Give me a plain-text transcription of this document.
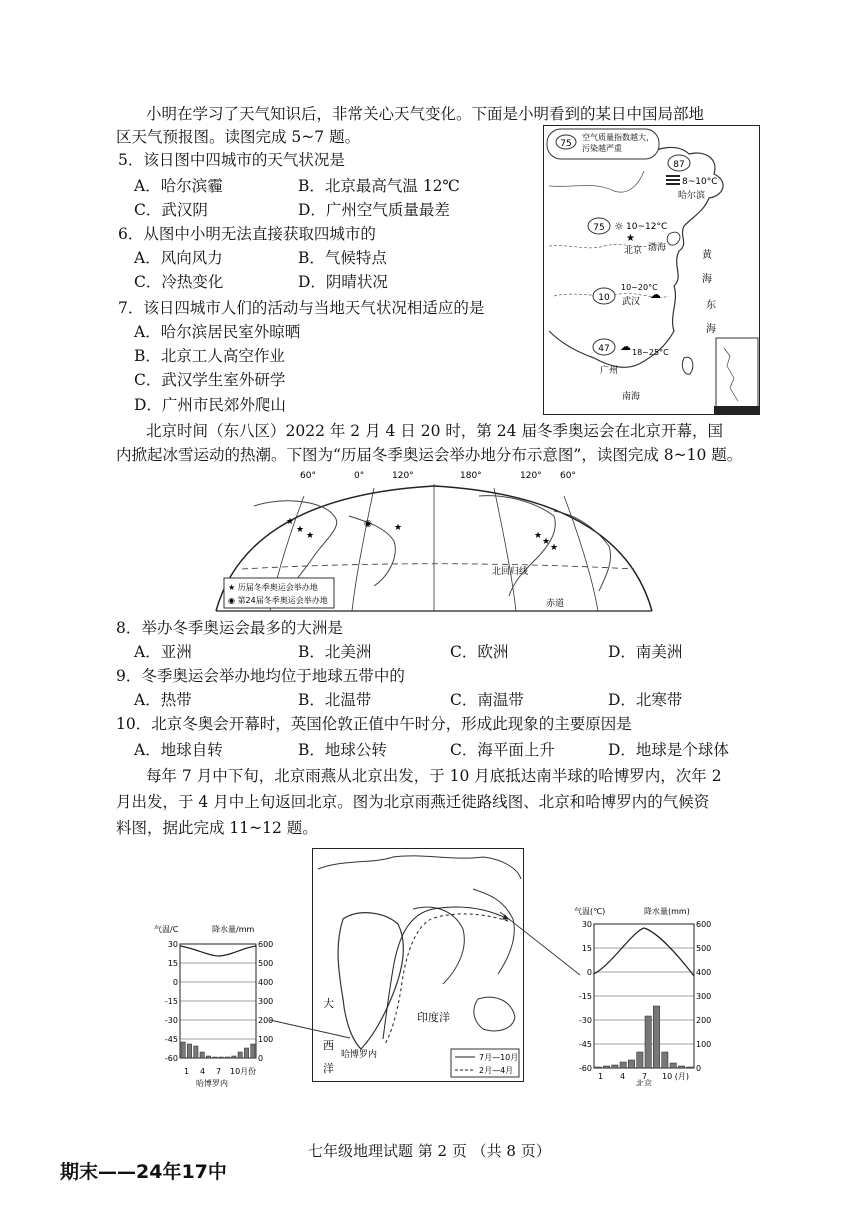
小明在学习了天气知识后，非常关心天气变化。下面是小明看到的某日中国局部地
区天气预报图。读图完成 5~7 题。
5．该日图中四城市的天气状况是
A．哈尔滨霾	B．北京最高气温 12℃
C．武汉阴	D．广州空气质量最差
6．从图中小明无法直接获取四城市的
A．风向风力	B．气候特点
C．冷热变化	D．阴晴状况
7．该日四城市人们的活动与当地天气状况相适应的是
A．哈尔滨居民室外晾晒
B．北京工人高空作业
C．武汉学生室外研学
D．广州市民郊外爬山
75
空气质量指数越大，
污染越严重
87
8~10°C
哈尔滨
75 ☼ 10~12°C
★
北京 渤海
黄
海
东
海
10
10~20°C
☁
武汉
47 ☁ 18~25°C
广州
南海
北京时间（东八区）2022 年 2 月 4 日 20 时，第 24 届冬季奥运会在北京开幕，国
内掀起冰雪运动的热潮。下图为“历届冬季奥运会举办地分布示意图”，读图完成 8~10 题。
★
★
★
★
★
★
★
◉
60°	0°	120°	180°	120° 60°
北回归线
赤道
★ 历届冬季奥运会举办地
◉ 第24届冬季奥运会举办地
8．举办冬季奥运会最多的大洲是
A．亚洲	B．北美洲	C．欧洲	D．南美洲
9．冬季奥运会举办地均位于地球五带中的
A．热带	B．北温带	C．南温带	D．北寒带
10．北京冬奥会开幕时，英国伦敦正值中午时分，形成此现象的主要原因是
A．地球自转	B．地球公转	C．海平面上升	D．地球是个球体
每年 7 月中下旬，北京雨燕从北京出发，于 10 月底抵达南半球的哈博罗内，次年 2
月出发，于 4 月中上旬返回北京。图为北京雨燕迁徙路线图、北京和哈博罗内的气候资
料图，据此完成 11~12 题。
气温/C	降水量/mm
30	600
15	500
0	400
-15	300
-30	200
-45	100
-60	0
1 4 7 10月份
哈博罗内
大
西
洋
印度洋
哈博罗内	7月—10月
2月—4月
气温(℃)	降水量(mm)
30	600
15	500
0	400
-15	300
-30	200
-45	100
-60	0
1 4 7 10 (月)
北京
七年级地理试题 第 2 页 （共 8 页）
期末——24年17中
